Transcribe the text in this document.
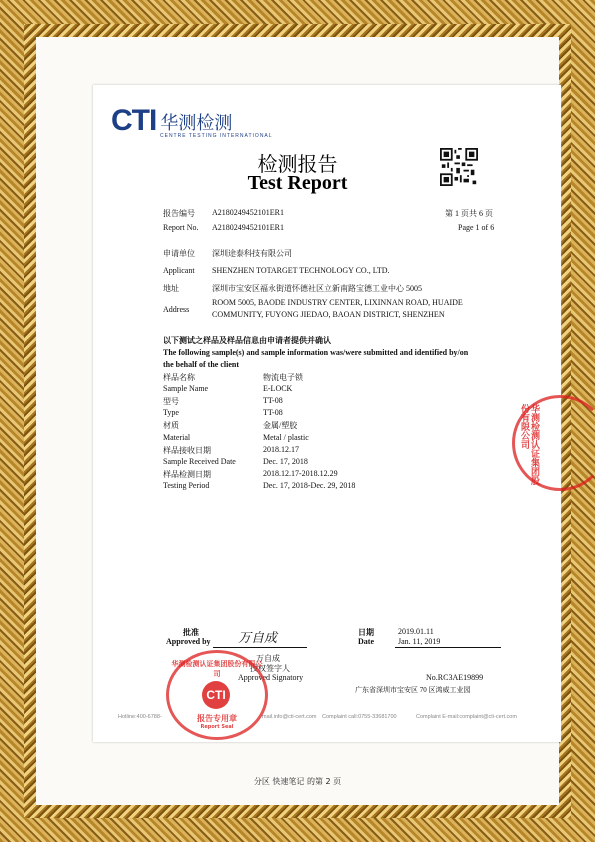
CTI 华测检测
CENTRE TESTING INTERNATIONAL
检测报告
Test Report
报告编号 A2180249452101ER1	第 1 页共 6 页
Report No. A2180249452101ER1	Page 1 of 6
申请单位 深圳途泰科技有限公司
Applicant SHENZHEN TOTARGET TECHNOLOGY CO., LTD.
地址	深圳市宝安区福永街道怀德社区立新南路宝德工业中心 5005
Address
ROOM 5005, BAODE INDUSTRY CENTER, LIXINNAN ROAD, HUAIDE
COMMUNITY, FUYONG JIEDAO, BAOAN DISTRICT, SHENZHEN
以下测试之样品及样品信息由申请者提供并确认
The following sample(s) and sample information was/were submitted and identified by/on
the behalf of the client
样品名称	物流电子锁
Sample Name	E-LOCK
型号	TT-08
Type	TT-08
材质	金属/塑胶
Material	Metal / plastic
样品接收日期	2018.12.17
Sample Received Date	Dec. 17, 2018
样品检测日期	2018.12.17-2018.12.29
Testing Period	Dec. 17, 2018-Dec. 29, 2018
批准
Approved by 万自成	日期
Date
2019.01.11
Jan. 11, 2019
万自成
授权签字人
Approved Signatory	No.RC3AE19899
广东省深圳市宝安区 70 区鸿威工业园
Hotline:400-6788-	mail.info@cti-cert.com Complaint call:0755-33681700	Complaint E-mail:complaint@cti-cert.com
华测检测认证集团股份有限公司
CTI
报告专用章
Report Seal
华测检测认证集团股份有限公司
分区 快速笔记 的第 2 页
